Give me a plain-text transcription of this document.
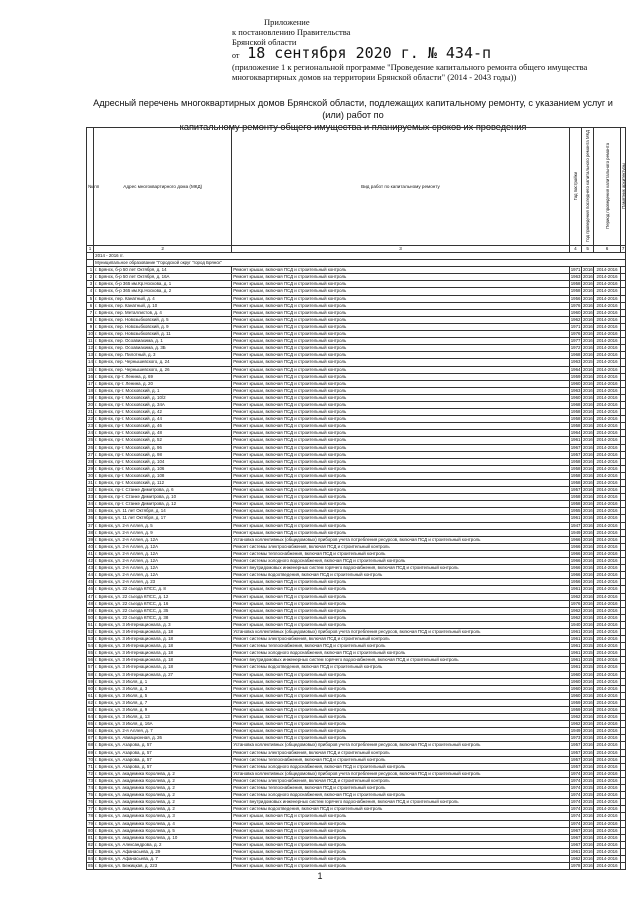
Приложение
к постановлению Правительства
Брянской области
от 18 сентября 2020 г. № 434-п
(приложение 1 к региональной программе "Проведение капитального ремонта общего имущества
многоквартирных домов на территории Брянской области" (2014 - 2043 годы))
Адресный перечень многоквартирных домов Брянской области, подлежащих капитальному ремонту, с указанием услуг и (или) работ по
капитальному ремонту общего имущества и планируемых сроков их проведения
№ пп	Адрес многоквартирного дома (МКД)	Вид работ по капитальному ремонту	Год постройки	Год проведения последнего капитального ремонта МКД	Период проведения капитального ремонта	Памятник архитектуры
1	2	3	4	5	6	7
	2014 - 2016 гг.					
	Муниципальное образование "Городской округ "город Брянск"					
1	г. Брянск, б-р 50 лет Октября, д. 14	Ремонт крыши, включая ПСД и строительный контроль	1971	2016	2014-2016	
2	г. Брянск, б-р 50 лет Октября, д. 16А	Ремонт крыши, включая ПСД и строительный контроль	1963	2016	2014-2016	
3	г. Брянск, б-р 365 им.Кр.Носкова, д. 1	Ремонт крыши, включая ПСД и строительный контроль	1958	2016	2014-2016	
4	г. Брянск, б-р 365 им.Кр.Носкова, д. 2	Ремонт крыши, включая ПСД и строительный контроль	1958	2016	2014-2016	
5	г. Брянск, пер. Канатный, д. 4	Ремонт крыши, включая ПСД и строительный контроль	1956	2016	2014-2016	
6	г. Брянск, пер. Канатный, д. 10	Ремонт крыши, включая ПСД и строительный контроль	1976	2016	2014-2016	
7	г. Брянск, пер. Металлистов, д. 4	Ремонт крыши, включая ПСД и строительный контроль	1960	2016	2014-2016	
8	г. Брянск, пер. Новозыбковский, д. 5	Ремонт крыши, включая ПСД и строительный контроль	1962	2016	2014-2016	
9	г. Брянск, пер. Новозыбковский, д. 9	Ремонт крыши, включая ПСД и строительный контроль	1971	2016	2014-2016	
10	г. Брянск, пер. Новозыбковский, д. 11	Ремонт крыши, включая ПСД и строительный контроль	1976	2016	2014-2016	
11	г. Брянск, пер. Осоавиахима, д. 1	Ремонт крыши, включая ПСД и строительный контроль	1977	2016	2014-2016	
12	г. Брянск, пер. Осоавиахима, д. 3Б	Ремонт крыши, включая ПСД и строительный контроль	1972	2016	2014-2016	
13	г. Брянск, пер. Пилотный, д. 3	Ремонт крыши, включая ПСД и строительный контроль	1968	2016	2014-2016	
14	г. Брянск, пер. Чернышевского, д. 24	Ремонт крыши, включая ПСД и строительный контроль	1963	2015	2014-2016	
15	г. Брянск, пер. Чернышевского, д. 26	Ремонт крыши, включая ПСД и строительный контроль	1964	2016	2014-2016	
16	г. Брянск, пр-т. Ленина, д. 69	Ремонт крыши, включая ПСД и строительный контроль	1959	2016	2014-2016	
17	г. Брянск, пр-т. Ленина, д. 20	Ремонт крыши, включая ПСД и строительный контроль	1960	2016	2014-2016	
18	г. Брянск, пр-т. Московский, д. 1	Ремонт крыши, включая ПСД и строительный контроль	1963	2016	2014-2016	
19	г. Брянск, пр-т. Московский, д. 10/2	Ремонт крыши, включая ПСД и строительный контроль	1960	2016	2014-2016	
20	г. Брянск, пр-т. Московский, д. 34А	Ремонт крыши, включая ПСД и строительный контроль	1968	2016	2014-2016	
21	г. Брянск, пр-т. Московский, д. 42	Ремонт крыши, включая ПСД и строительный контроль	1958	2016	2014-2016	
22	г. Брянск, пр-т. Московский, д. 44	Ремонт крыши, включая ПСД и строительный контроль	1958	2016	2014-2016	
23	г. Брянск, пр-т. Московский, д. 46	Ремонт крыши, включая ПСД и строительный контроль	1958	2016	2014-2016	
24	г. Брянск, пр-т. Московский, д. 48	Ремонт крыши, включая ПСД и строительный контроль	1964	2016	2014-2016	
25	г. Брянск, пр-т. Московский, д. 52	Ремонт крыши, включая ПСД и строительный контроль	1961	2016	2014-2016	
26	г. Брянск, пр-т. Московский, д. 96	Ремонт крыши, включая ПСД и строительный контроль	1967	2016	2014-2016	
27	г. Брянск, пр-т. Московский, д. 98	Ремонт крыши, включая ПСД и строительный контроль	1957	2016	2014-2016	
28	г. Брянск, пр-т. Московский, д. 104	Ремонт крыши, включая ПСД и строительный контроль	1958	2016	2014-2016	
29	г. Брянск, пр-т. Московский, д. 106	Ремонт крыши, включая ПСД и строительный контроль	1958	2016	2014-2016	
30	г. Брянск, пр-т. Московский, д. 108	Ремонт крыши, включая ПСД и строительный контроль	1958	2016	2014-2016	
31	г. Брянск, пр-т. Московский, д. 112	Ремонт крыши, включая ПСД и строительный контроль	1958	2016	2014-2016	
32	г. Брянск, пр-т. Станке Димитрова, д. 6	Ремонт крыши, включая ПСД и строительный контроль	1957	2016	2014-2016	
33	г. Брянск, пр-т. Станке Димитрова, д. 10	Ремонт крыши, включая ПСД и строительный контроль	1958	2016	2014-2016	
34	г. Брянск, пр-т. Станке Димитрова, д. 12	Ремонт крыши, включая ПСД и строительный контроль	1958	2016	2014-2016	
35	г. Брянск, ул. 11 лет Октября, д. 14	Ремонт крыши, включая ПСД и строительный контроль	1955	2016	2014-2016	
36	г. Брянск, ул. 11 лет Октября, д. 17	Ремонт крыши, включая ПСД и строительный контроль	1961	2016	2014-2016	
37	г. Брянск, ул. 2-я Аллея, д. 5	Ремонт крыши, включая ПСД и строительный контроль	1947	2016	2014-2016	
38	г. Брянск, ул. 2-я Аллея, д. 9	Ремонт крыши, включая ПСД и строительный контроль	1949	2016	2014-2016	
39	г. Брянск, ул. 2-я Аллея, д. 12А	Установка коллективных (общедомовых) приборов учета потребления ресурсов, включая ПСД и строительный контроль	1966	2016	2014-2016	
40	г. Брянск, ул. 2-я Аллея, д. 12А	Ремонт системы электроснабжения, включая ПСД и строительный контроль	1966	2016	2014-2016	
41	г. Брянск, ул. 2-я Аллея, д. 12А	Ремонт системы теплоснабжения, включая ПСД и строительный контроль	1966	2016	2014-2016	
42	г. Брянск, ул. 2-я Аллея, д. 12А	Ремонт системы холодного водоснабжения, включая ПСД и строительный контроль	1966	2016	2014-2016	
43	г. Брянск, ул. 2-я Аллея, д. 12А	Ремонт внутридомовых инженерных систем горячего водоснабжения, включая ПСД и строительный контроль	1966	2016	2014-2016	
44	г. Брянск, ул. 2-я Аллея, д. 12А	Ремонт системы водоотведения, включая ПСД и строительный контроль	1966	2016	2014-2016	
45	г. Брянск, ул. 2-я Аллея, д. 23	Ремонт крыши, включая ПСД и строительный контроль	1956	2016	2014-2016	
46	г. Брянск, ул. 22 съезда КПСС, д. 8	Ремонт крыши, включая ПСД и строительный контроль	1961	2016	2014-2016	
47	г. Брянск, ул. 22 съезда КПСС, д. 12	Ремонт крыши, включая ПСД и строительный контроль	1962	2016	2014-2016	
48	г. Брянск, ул. 22 съезда КПСС, д. 16	Ремонт крыши, включая ПСД и строительный контроль	1976	2016	2014-2016	
49	г. Брянск, ул. 22 съезда КПСС, д. 35	Ремонт крыши, включая ПСД и строительный контроль	1962	2016	2014-2016	
50	г. Брянск, ул. 22 съезда КПСС, д. 38	Ремонт крыши, включая ПСД и строительный контроль	1962	2016	2014-2016	
51	г. Брянск, ул. 3 Интернационала, д. 3	Ремонт крыши, включая ПСД и строительный контроль	1940	2016	2014-2016	
52	г. Брянск, ул. 3 Интернационала, д. 18	Установка коллективных (общедомовых) приборов учета потребления ресурсов, включая ПСД и строительный контроль	1961	2016	2014-2016	
53	г. Брянск, ул. 3 Интернационала, д. 18	Ремонт системы электроснабжения, включая ПСД и строительный контроль	1961	2015	2014-2016	
54	г. Брянск, ул. 3 Интернационала, д. 18	Ремонт системы теплоснабжения, включая ПСД и строительный контроль	1961	2015	2014-2016	
55	г. Брянск, ул. 3 Интернационала, д. 18	Ремонт системы холодного водоснабжения, включая ПСД и строительный контроль	1961	2015	2014-2016	
56	г. Брянск, ул. 3 Интернационала, д. 18	Ремонт внутридомовых инженерных систем горячего водоснабжения, включая ПСД и строительный контроль	1961	2015	2014-2016	
57	г. Брянск, ул. 3 Интернационала, д. 18	Ремонт системы водоотведения, включая ПСД и строительный контроль	1961	2015	2014-2016	
58	г. Брянск, ул. 3 Интернационала, д. 27	Ремонт крыши, включая ПСД и строительный контроль	1960	2016	2014-2016	
59	г. Брянск, ул. 3 Июля, д. 1	Ремонт крыши, включая ПСД и строительный контроль	1960	2016	2014-2016	
60	г. Брянск, ул. 3 Июля, д. 3	Ремонт крыши, включая ПСД и строительный контроль	1960	2016	2014-2016	
61	г. Брянск, ул. 3 Июля, д. 5	Ремонт крыши, включая ПСД и строительный контроль	1960	2016	2014-2016	
62	г. Брянск, ул. 3 Июля, д. 7	Ремонт крыши, включая ПСД и строительный контроль	1959	2016	2014-2016	
63	г. Брянск, ул. 3 Июля, д. 9	Ремонт крыши, включая ПСД и строительный контроль	1959	2016	2014-2016	
64	г. Брянск, ул. 3 Июля, д. 13	Ремонт крыши, включая ПСД и строительный контроль	1962	2016	2014-2016	
65	г. Брянск, ул. 3 Июля, д. 16А	Ремонт крыши, включая ПСД и строительный контроль	1962	2016	2014-2016	
66	г. Брянск, ул. 2-я Аллея, д. 7	Ремонт крыши, включая ПСД и строительный контроль	1949	2016	2014-2016	
67	г. Брянск, ул. Авиационная, д. 26	Ремонт крыши, включая ПСД и строительный контроль	1973	2016	2014-2016	
68	г. Брянск, ул. Азарова, д. 57	Установка коллективных (общедомовых) приборов учета потребления ресурсов, включая ПСД и строительный контроль	1957	2016	2014-2016	
69	г. Брянск, ул. Азарова, д. 57	Ремонт системы электроснабжения, включая ПСД и строительный контроль	1957	2016	2014-2016	
70	г. Брянск, ул. Азарова, д. 57	Ремонт системы теплоснабжения, включая ПСД и строительный контроль	1957	2016	2014-2016	
71	г. Брянск, ул. Азарова, д. 57	Ремонт системы холодного водоснабжения, включая ПСД и строительный контроль	1957	2016	2014-2016	
72	г. Брянск, ул. академика Королева, д. 2	Установка коллективных (общедомовых) приборов учета потребления ресурсов, включая ПСД и строительный контроль	1974	2016	2014-2016	
73	г. Брянск, ул. академика Королева, д. 2	Ремонт системы электроснабжения, включая ПСД и строительный контроль	1974	2015	2014-2016	
74	г. Брянск, ул. академика Королева, д. 2	Ремонт системы теплоснабжения, включая ПСД и строительный контроль	1974	2015	2014-2016	
75	г. Брянск, ул. академика Королева, д. 2	Ремонт системы холодного водоснабжения, включая ПСД и строительный контроль	1974	2015	2014-2016	
76	г. Брянск, ул. академика Королева, д. 2	Ремонт внутридомовых инженерных систем горячего водоснабжения, включая ПСД и строительный контроль	1974	2015	2014-2016	
77	г. Брянск, ул. академика Королева, д. 2	Ремонт системы водоотведения, включая ПСД и строительный контроль	1974	2015	2014-2016	
78	г. Брянск, ул. академика Королева, д. 3	Ремонт крыши, включая ПСД и строительный контроль	1974	2016	2014-2016	
79	г. Брянск, ул. академика Королева, д. 4	Ремонт крыши, включая ПСД и строительный контроль	1974	2016	2014-2016	
80	г. Брянск, ул. академика Королева, д. 5	Ремонт крыши, включая ПСД и строительный контроль	1967	2016	2014-2016	
81	г. Брянск, ул. академика Королева, д. 10	Ремонт крыши, включая ПСД и строительный контроль	1967	2016	2014-2016	
82	г. Брянск, ул. Александрова, д. 2	Ремонт крыши, включая ПСД и строительный контроль	1967	2016	2014-2016	
83	г. Брянск, ул. Афанасьева, д. 29	Ремонт крыши, включая ПСД и строительный контроль	1961	2016	2014-2016	
84	г. Брянск, ул. Афанасьева, д. 7	Ремонт крыши, включая ПСД и строительный контроль	1962	2016	2014-2016	
85	г. Брянск, ул. Бежицкая, д. 223	Ремонт крыши, включая ПСД и строительный контроль	1978	2016	2014-2016	
1
